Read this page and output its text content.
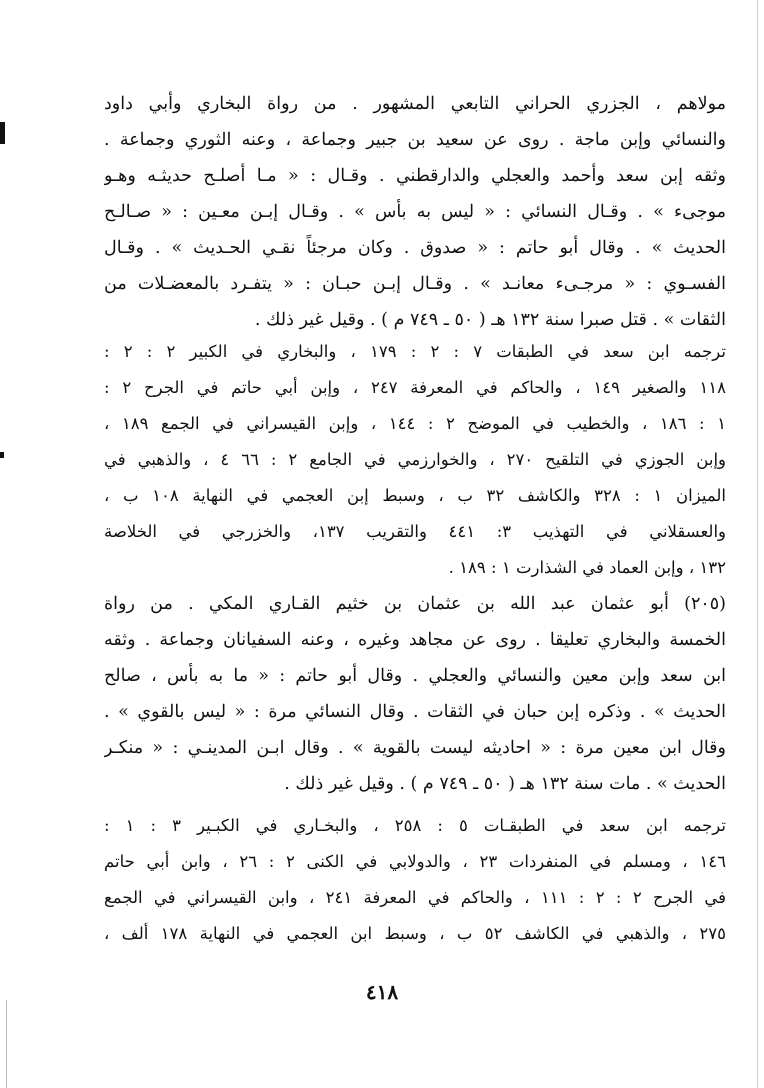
مولاهم ، الجزري الحراني التابعي المشهور . من رواة البخاري وأبي داود
والنسائي وإبن ماجة . روى عن سعيد بن جبير وجماعة ، وعنه الثوري وجماعة .
وثقه إبن سعد وأحمد والعجلي والدارقطني . وقـال : « مـا أصلـح حديثـه وهـو
موجىء » . وقـال النسائي : « ليس به بأس » . وقـال إبـن معـين : « صـالـح
الحديث » . وقال أبو حاتم : « صدوق . وكان مرجئاً نقـي الحـديث » . وقـال
الفسـوي : « مرجـىء معانـد » . وقـال إبـن حبـان : « يتفـرد بالمعضـلات من
الثقات » . قتل صبرا سنة ١٣٢ هـ ( ٥٠ ـ ٧٤٩ م ) . وقيل غير ذلك .
ترجمه ابن سعد في الطبقات ٧ : ٢ : ١٧٩ ، والبخاري في الكبير ٢ : ٢ :
١١٨ والصغير ١٤٩ ، والحاكم في المعرفة ٢٤٧ ، وإبن أبي حاتم في الجرح ٢ :
١ : ١٨٦ ، والخطيب في الموضح ٢ : ١٤٤ ، وإبن القيسراني في الجمع ١٨٩ ،
وإبن الجوزي في التلقيح ٢٧٠ ، والخوارزمي في الجامع ٢ : ٦٦ ٤ ، والذهبي في
الميزان ١ : ٣٢٨ والكاشف ٣٢ ب ، وسبط إبن العجمي في النهاية ١٠٨ ب ،
والعسقلاني في التهذيب ٣: ٤٤١ والتقريب ١٣٧، والخزرجي في الخلاصة
١٣٢ ، وإبن العماد في الشذارت ١ : ١٨٩ .
(٢٠٥) أبو عثمان عبد الله بن عثمان بن خثيم القـاري المكي . من رواة
الخمسة والبخاري تعليقا . روى عن مجاهد وغيره ، وعنه السفيانان وجماعة . وثقه
ابن سعد وإبن معين والنسائي والعجلي . وقال أبو حاتم : « ما به بأس ، صالح
الحديث » . وذكره إبن حبان في الثقات . وقال النسائي مرة : « ليس بالقوي » .
وقال ابن معين مرة : « احاديثه ليست بالقوية » . وقال ابـن المدينـي : « منكـر
الحديث » . مات سنة ١٣٢ هـ ( ٥٠ ـ ٧٤٩ م ) . وقيل غير ذلك .
ترجمه ابن سعد في الطبقـات ٥ : ٢٥٨ ، والبخـاري في الكبـير ٣ : ١ :
١٤٦ ، ومسلم في المنفردات ٢٣ ، والدولابي في الكنى ٢ : ٢٦ ، وابن أبي حاتم
في الجرح ٢ : ٢ : ١١١ ، والحاكم في المعرفة ٢٤١ ، وابن القيسراني في الجمع
٢٧٥ ، والذهبي في الكاشف ٥٢ ب ، وسبط ابن العجمي في النهاية ١٧٨ ألف ،
٤١٨
